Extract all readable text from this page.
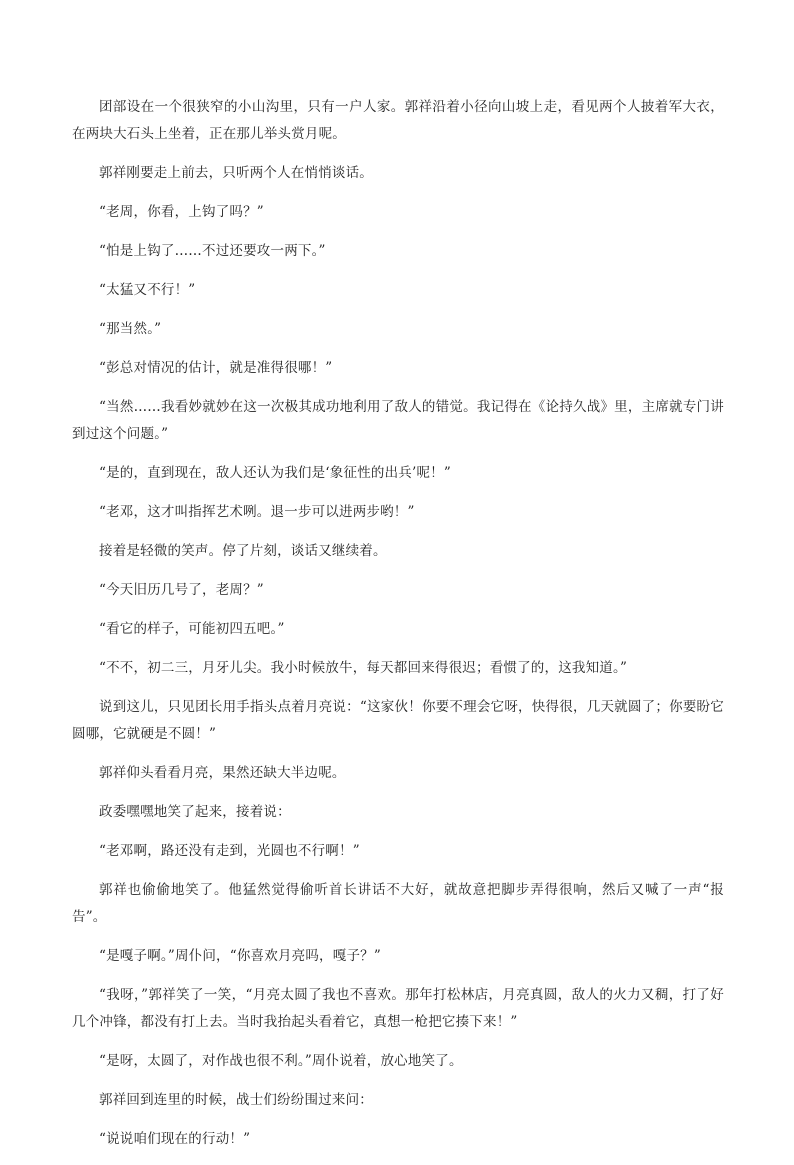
团部设在一个很狭窄的小山沟里，只有一户人家。郭祥沿着小径向山坡上走，看见两个人披着军大衣，在两块大石头上坐着，正在那儿举头赏月呢。

郭祥刚要走上前去，只听两个人在悄悄谈话。

“老周，你看，上钩了吗？”

“怕是上钩了……不过还要攻一两下。”

“太猛又不行！”

“那当然。”

“彭总对情况的估计，就是准得很哪！”

“当然……我看妙就妙在这一次极其成功地利用了敌人的错觉。我记得在《论持久战》里，主席就专门讲到过这个问题。”

“是的，直到现在，敌人还认为我们是‘象征性的出兵’呢！”

“老邓，这才叫指挥艺术咧。退一步可以进两步哟！”

接着是轻微的笑声。停了片刻，谈话又继续着。

“今天旧历几号了，老周？”

“看它的样子，可能初四五吧。”

“不不，初二三，月牙儿尖。我小时候放牛，每天都回来得很迟；看惯了的，这我知道。”

说到这儿，只见团长用手指头点着月亮说：“这家伙！你要不理会它呀，快得很，几天就圆了；你要盼它圆哪，它就硬是不圆！”

郭祥仰头看看月亮，果然还缺大半边呢。

政委嘿嘿地笑了起来，接着说：

“老邓啊，路还没有走到，光圆也不行啊！”

郭祥也偷偷地笑了。他猛然觉得偷听首长讲话不大好，就故意把脚步弄得很响，然后又喊了一声“报告”。

“是嘎子啊。”周仆问，“你喜欢月亮吗，嘎子？”

“我呀，”郭祥笑了一笑，“月亮太圆了我也不喜欢。那年打松林店，月亮真圆，敌人的火力又稠，打了好几个冲锋，都没有打上去。当时我抬起头看着它，真想一枪把它揍下来！”

“是呀，太圆了，对作战也很不利。”周仆说着，放心地笑了。

郭祥回到连里的时候，战士们纷纷围过来问：

“说说咱们现在的行动！”
